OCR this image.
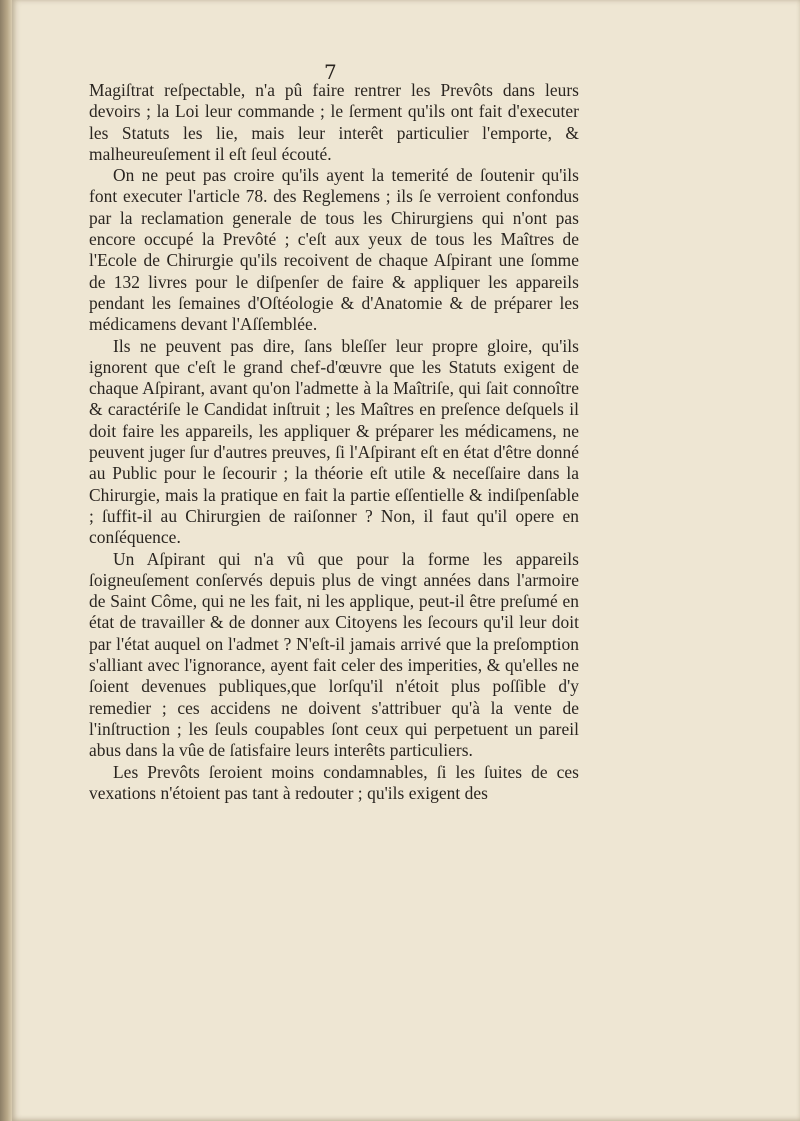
7

Magiſtrat reſpectable, n'a pû faire rentrer les Prevôts dans leurs devoirs ; la Loi leur commande ; le ſerment qu'ils ont fait d'executer les Statuts les lie, mais leur interêt particulier l'emporte, & malheureuſement il eſt ſeul écouté.

On ne peut pas croire qu'ils ayent la temerité de ſoutenir qu'ils font executer l'article 78. des Reglemens ; ils ſe verroient confondus par la reclamation generale de tous les Chirurgiens qui n'ont pas encore occupé la Prevôté ; c'eſt aux yeux de tous les Maîtres de l'Ecole de Chirurgie qu'ils recoivent de chaque Aſpirant une ſomme de 132 livres pour le diſpenſer de faire & appliquer les appareils pendant les ſemaines d'Oſtéologie & d'Anatomie & de préparer les médicamens devant l'Aſſemblée.

Ils ne peuvent pas dire, ſans bleſſer leur propre gloire, qu'ils ignorent que c'eſt le grand chef-d'œuvre que les Statuts exigent de chaque Aſpirant, avant qu'on l'admette à la Maîtriſe, qui ſait connoître & caractériſe le Candidat inſtruit ; les Maîtres en preſence deſquels il doit faire les appareils, les appliquer & préparer les médicamens, ne peuvent juger ſur d'autres preuves, ſi l'Aſpirant eſt en état d'être donné au Public pour le ſecourir ; la théorie eſt utile & neceſſaire dans la Chirurgie, mais la pratique en fait la partie eſſentielle & indiſpenſable ; ſuffit-il au Chirurgien de raiſonner ? Non, il faut qu'il opere en conſéquence.

Un Aſpirant qui n'a vû que pour la forme les appareils ſoigneuſement conſervés depuis plus de vingt années dans l'armoire de Saint Côme, qui ne les fait, ni les applique, peut-il être preſumé en état de travailler & de donner aux Citoyens les ſecours qu'il leur doit par l'état auquel on l'admet ? N'eſt-il jamais arrivé que la preſomption s'alliant avec l'ignorance, ayent fait celer des imperities, & qu'elles ne ſoient devenues publiques,que lorſqu'il n'étoit plus poſſible d'y remedier ; ces accidens ne doivent s'attribuer qu'à la vente de l'inſtruction ; les ſeuls coupables ſont ceux qui perpetuent un pareil abus dans la vûe de ſatisfaire leurs interêts particuliers.

Les Prevôts ſeroient moins condamnables, ſi les ſuites de ces vexations n'étoient pas tant à redouter ; qu'ils exigent des
